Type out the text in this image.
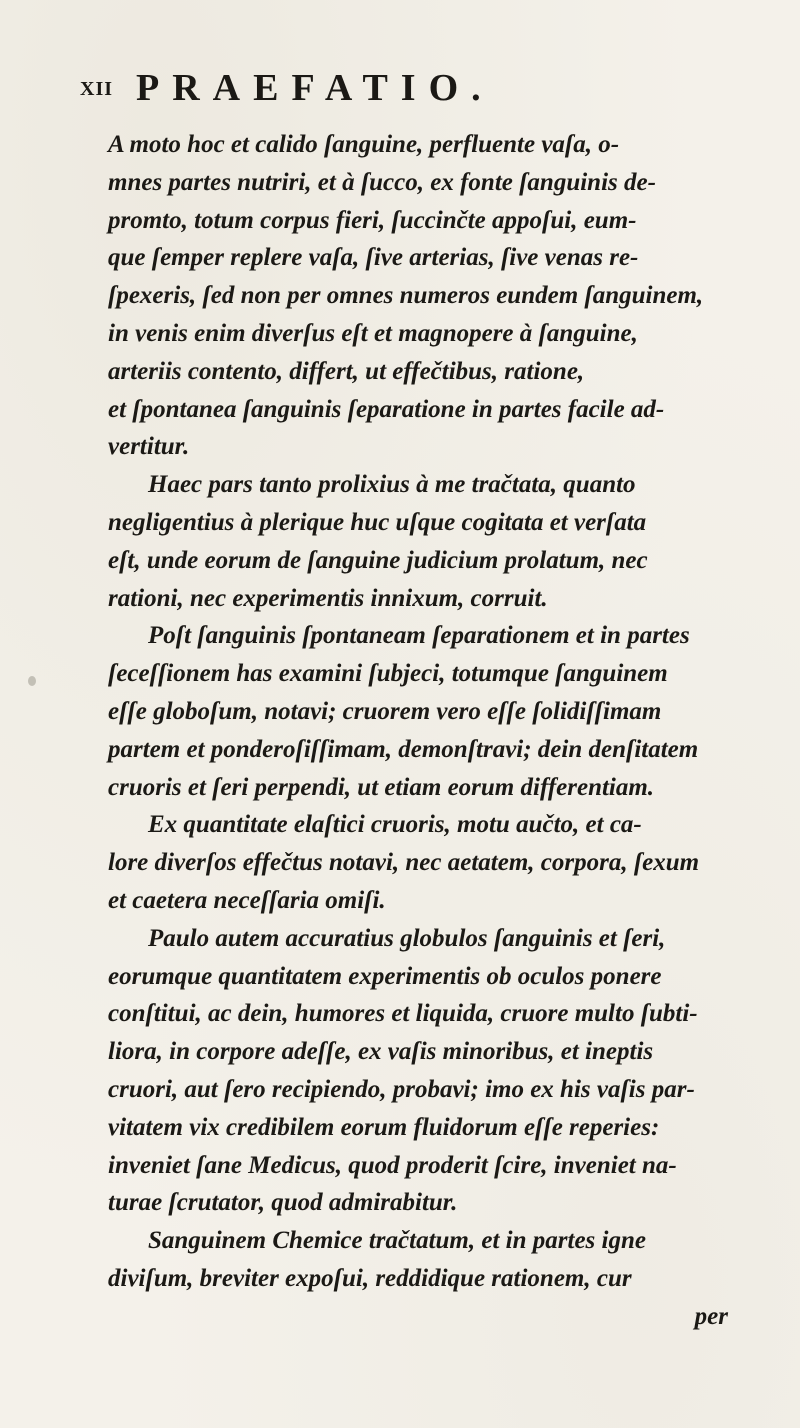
XII PRAEFATIO.
A moto hoc et calido ſanguine, perfluente vaſa, o-
mnes partes nutriri, et à ſucco, ex fonte ſanguinis de-
promto, totum corpus fieri, ſuccinčte appoſui, eum-
que ſemper replere vaſa, ſive arterias, ſive venas re-
ſpexeris, ſed non per omnes numeros eundem ſanguinem,
in venis enim diverſus eſt et magnopere à ſanguine,
arteriis contento, differt, ut effečtibus, ratione,
et ſpontanea ſanguinis ſeparatione in partes facile ad-
vertitur.
Haec pars tanto prolixius à me tračtata, quanto
negligentius à plerique huc uſque cogitata et verſata
eſt, unde eorum de ſanguine judicium prolatum, nec
rationi, nec experimentis innixum, corruit.
Poſt ſanguinis ſpontaneam ſeparationem et in partes
ſeceſſionem has examini ſubjeci, totumque ſanguinem
eſſe globoſum, notavi; cruorem vero eſſe ſolidiſſimam
partem et ponderoſiſſimam, demonſtravi; dein denſitatem
cruoris et ſeri perpendi, ut etiam eorum differentiam.
Ex quantitate elaſtici cruoris, motu aučto, et ca-
lore diverſos effečtus notavi, nec aetatem, corpora, ſexum
et caetera neceſſaria omiſi.
Paulo autem accuratius globulos ſanguinis et ſeri,
eorumque quantitatem experimentis ob oculos ponere
conſtitui, ac dein, humores et liquida, cruore multo ſubti-
liora, in corpore adeſſe, ex vaſis minoribus, et ineptis
cruori, aut ſero recipiendo, probavi; imo ex his vaſis par-
vitatem vix credibilem eorum fluidorum eſſe reperies:
inveniet ſane Medicus, quod proderit ſcire, inveniet na-
turae ſcrutator, quod admirabitur.
Sanguinem Chemice tračtatum, et in partes igne
diviſum, breviter expoſui, reddidique rationem, cur
per
